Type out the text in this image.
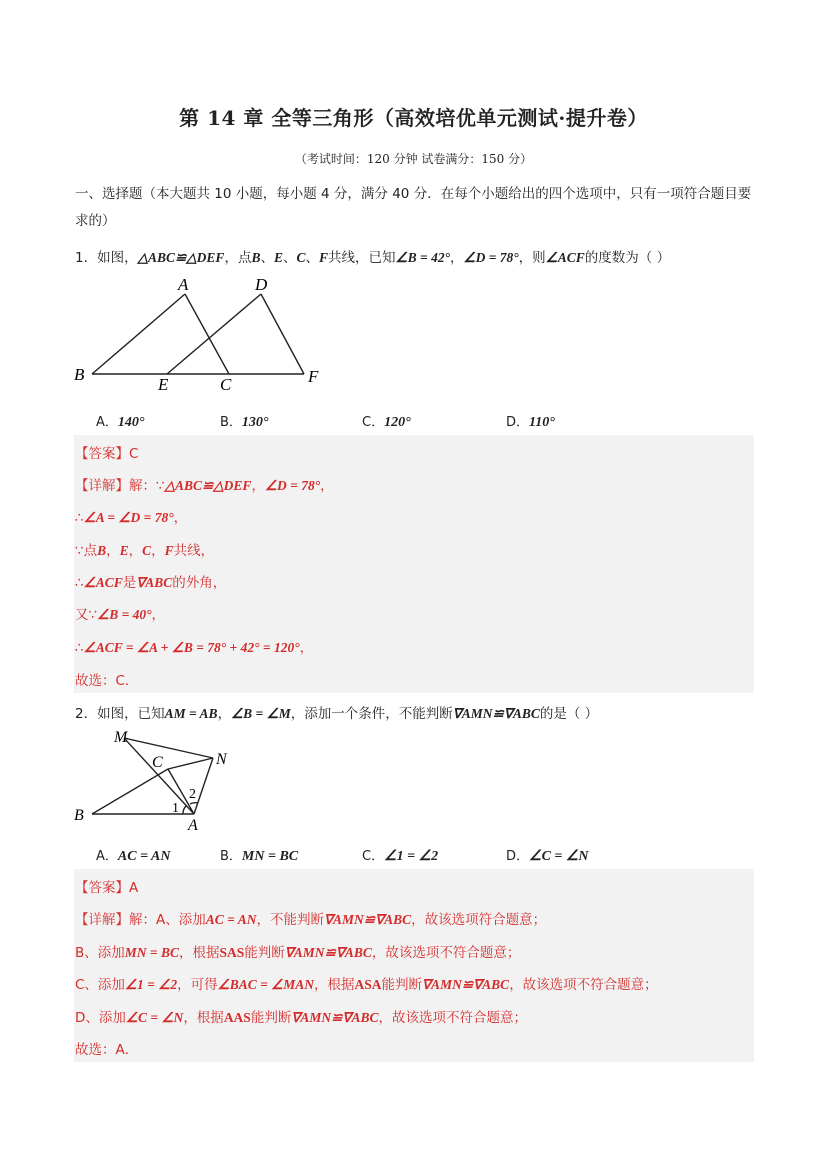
第 14 章 全等三角形（高效培优单元测试·提升卷）
（考试时间：120 分钟 试卷满分：150 分）
一、选择题（本大题共 10 小题，每小题 4 分，满分 40 分．在每个小题给出的四个选项中，只有一项符合题目要求的）
1．如图，△ABC≌△DEF，点B、E、C、F共线，已知∠B = 42°，∠D = 78°，则∠ACF的度数为（ ）
A	D
B
E	C	F
A．140°	B．130°	C．120°	D．110°
【答案】C
【详解】解：∵△ABC≌△DEF，∠D = 78°，
∴∠A = ∠D = 78°，
∵点B，E，C，F共线，
∴∠ACF是∇ABC的外角，
又∵∠B = 40°，
∴∠ACF = ∠A + ∠B = 78° + 42° = 120°，
故选：C．
2．如图，已知AM = AB，∠B = ∠M，添加一个条件，不能判断∇AMN≌∇ABC的是（ ）
M
C	N
B
A
1
2
A．AC = AN	B．MN = BC	C．∠1 = ∠2	D．∠C = ∠N
【答案】A
【详解】解：A、添加AC = AN，不能判断∇AMN≌∇ABC，故该选项符合题意；
B、添加MN = BC，根据SAS能判断∇AMN≌∇ABC，故该选项不符合题意；
C、添加∠1 = ∠2，可得∠BAC = ∠MAN，根据ASA能判断∇AMN≌∇ABC，故该选项不符合题意；
D、添加∠C = ∠N，根据AAS能判断∇AMN≌∇ABC，故该选项不符合题意；
故选：A．
